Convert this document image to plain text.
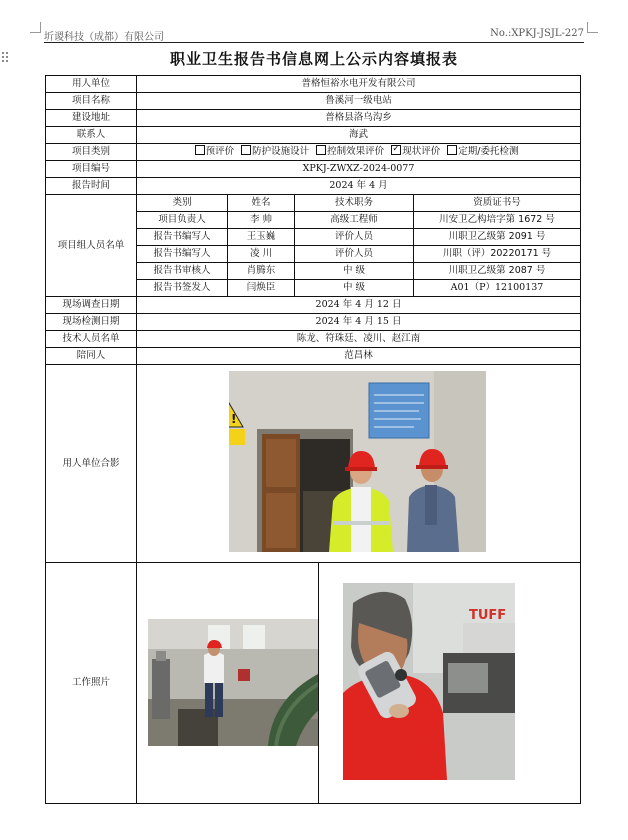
圻谡科技（成都）有限公司	No.:XPKJ-JSJL-227
职业卫生报告书信息网上公示内容填报表
用人单位	普格恒裕水电开发有限公司				
项目名称	鲁溪河一级电站				
建设地址	普格县洛乌沟乡				
联系人	海武				
项目类别	预评价 防护设施设计 控制效果评价 ✓ 现状评价 定期/委托检测
项目编号	XPKJ-ZWXZ-2024-0077				
报告时间	2024 年 4 月				
项目组人员名单	类别	姓名	技术职务		资质证书号
	项目负责人	李 帅	高级工程师		川安卫乙构培字第 1672 号
	报告书编写人	王玉巍	评价人员		川职卫乙级第 2091 号
	报告书编写人	凌 川	评价人员		川职（评）20220171 号
	报告书审核人	肖腾东	中 级		川职卫乙级第 2087 号
	报告书签发人	闫焕臣	中 级		A01（P）12100137
现场调查日期	2024 年 4 月 12 日				
现场检测日期	2024 年 4 月 15 日				
技术人员名单	陈龙、符珠廷、凌川、赵江南				
陪同人	范昌林				
用人单位合影	!				

工作照片				TUFF	
